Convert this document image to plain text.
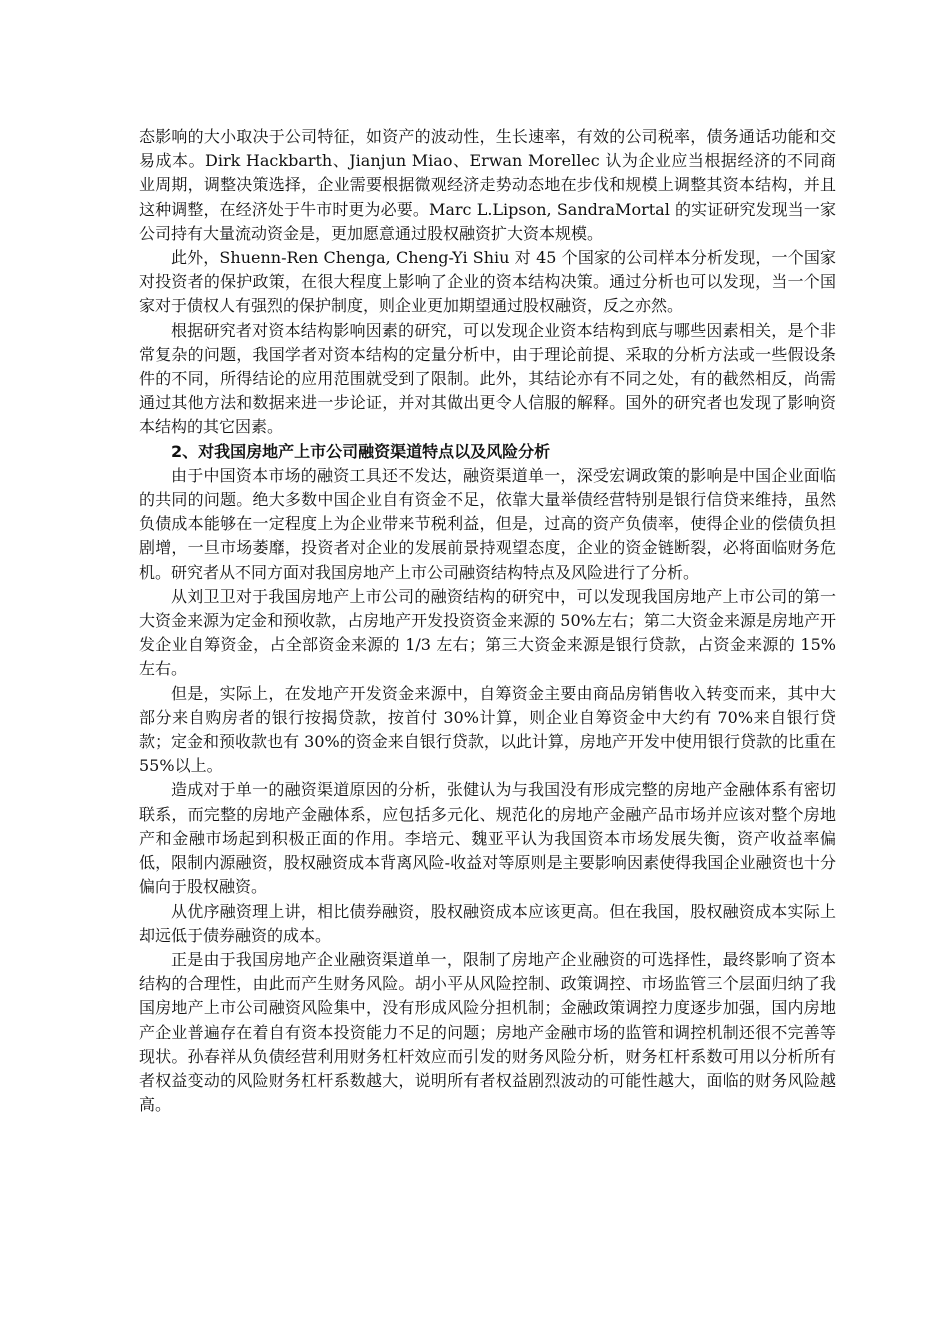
态影响的大小取决于公司特征，如资产的波动性，生长速率，有效的公司税率，债务通话功能和交易成本。Dirk Hackbarth、Jianjun Miao、Erwan Morellec 认为企业应当根据经济的不同商业周期，调整决策选择，企业需要根据微观经济走势动态地在步伐和规模上调整其资本结构，并且这种调整，在经济处于牛市时更为必要。Marc L.Lipson, SandraMortal 的实证研究发现当一家公司持有大量流动资金是，更加愿意通过股权融资扩大资本规模。

此外，Shuenn-Ren Chenga, Cheng-Yi Shiu 对 45 个国家的公司样本分析发现，一个国家对投资者的保护政策，在很大程度上影响了企业的资本结构决策。通过分析也可以发现，当一个国家对于债权人有强烈的保护制度，则企业更加期望通过股权融资，反之亦然。

根据研究者对资本结构影响因素的研究，可以发现企业资本结构到底与哪些因素相关，是个非常复杂的问题，我国学者对资本结构的定量分析中，由于理论前提、采取的分析方法或一些假设条件的不同，所得结论的应用范围就受到了限制。此外，其结论亦有不同之处，有的截然相反，尚需通过其他方法和数据来进一步论证，并对其做出更令人信服的解释。国外的研究者也发现了影响资本结构的其它因素。

2、对我国房地产上市公司融资渠道特点以及风险分析

由于中国资本市场的融资工具还不发达，融资渠道单一，深受宏调政策的影响是中国企业面临的共同的问题。绝大多数中国企业自有资金不足，依靠大量举债经营特别是银行信贷来维持，虽然负债成本能够在一定程度上为企业带来节税利益，但是，过高的资产负债率，使得企业的偿债负担剧增，一旦市场萎靡，投资者对企业的发展前景持观望态度，企业的资金链断裂，必将面临财务危机。研究者从不同方面对我国房地产上市公司融资结构特点及风险进行了分析。

从刘卫卫对于我国房地产上市公司的融资结构的研究中，可以发现我国房地产上市公司的第一大资金来源为定金和预收款，占房地产开发投资资金来源的 50%左右；第二大资金来源是房地产开发企业自筹资金，占全部资金来源的 1/3 左右；第三大资金来源是银行贷款，占资金来源的 15%左右。

但是，实际上，在发地产开发资金来源中，自筹资金主要由商品房销售收入转变而来，其中大部分来自购房者的银行按揭贷款，按首付 30%计算，则企业自筹资金中大约有 70%来自银行贷款；定金和预收款也有 30%的资金来自银行贷款，以此计算，房地产开发中使用银行贷款的比重在 55%以上。

造成对于单一的融资渠道原因的分析，张健认为与我国没有形成完整的房地产金融体系有密切联系，而完整的房地产金融体系，应包括多元化、规范化的房地产金融产品市场并应该对整个房地产和金融市场起到积极正面的作用。李培元、魏亚平认为我国资本市场发展失衡，资产收益率偏低，限制内源融资，股权融资成本背离风险-收益对等原则是主要影响因素使得我国企业融资也十分偏向于股权融资。

从优序融资理上讲，相比债券融资，股权融资成本应该更高。但在我国，股权融资成本实际上却远低于债券融资的成本。

正是由于我国房地产企业融资渠道单一，限制了房地产企业融资的可选择性，最终影响了资本结构的合理性，由此而产生财务风险。胡小平从风险控制、政策调控、市场监管三个层面归纳了我国房地产上市公司融资风险集中，没有形成风险分担机制；金融政策调控力度逐步加强，国内房地产企业普遍存在着自有资本投资能力不足的问题；房地产金融市场的监管和调控机制还很不完善等现状。孙春祥从负债经营利用财务杠杆效应而引发的财务风险分析，财务杠杆系数可用以分析所有者权益变动的风险财务杠杆系数越大，说明所有者权益剧烈波动的可能性越大，面临的财务风险越高。
